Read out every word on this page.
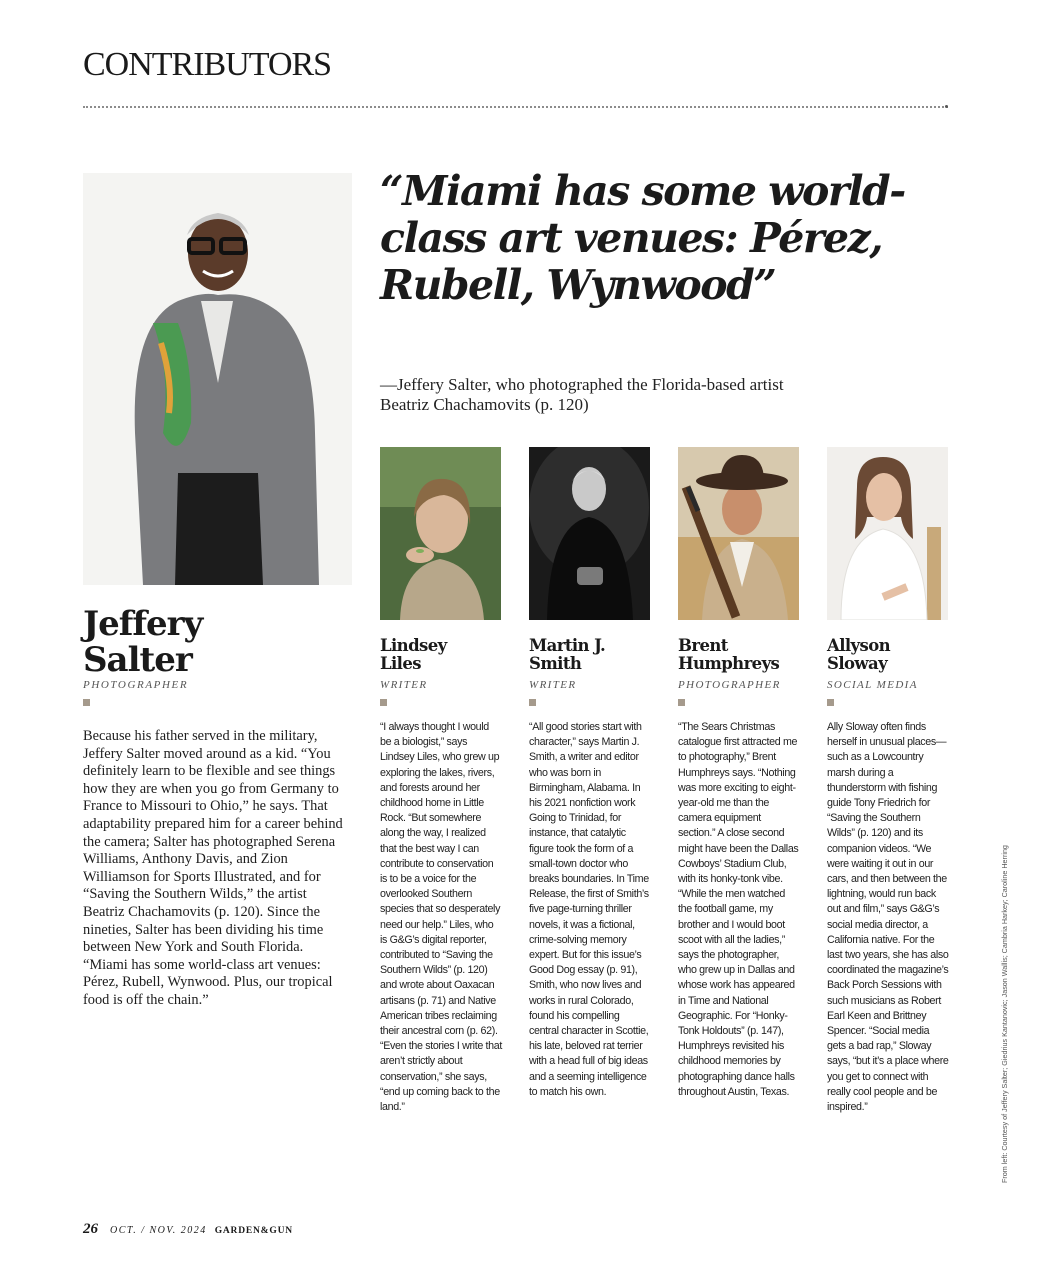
CONTRIBUTORS

“Miami has some world-class art venues: Pérez, Rubell, Wynwood”

—Jeffery Salter, who photographed the Florida-based artist Beatriz Chachamovits (p. 120)

Jeffery
Salter
PHOTOGRAPHER

Because his father served in the military, Jeffery Salter moved around as a kid. “You definitely learn to be flexible and see things how they are when you go from Germany to France to Missouri to Ohio,” he says. That adaptability prepared him for a career behind the camera; Salter has photographed Serena Williams, Anthony Davis, and Zion Williamson for Sports Illustrated, and for “Saving the Southern Wilds,” the artist Beatriz Chachamovits (p. 120). Since the nineties, Salter has been dividing his time between New York and South Florida. “Miami has some world-class art venues: Pérez, Rubell, Wynwood. Plus, our tropical food is off the chain.”

Lindsey
Liles
WRITER

“I always thought I would be a biologist,” says Lindsey Liles, who grew up exploring the lakes, rivers, and forests around her childhood home in Little Rock. “But somewhere along the way, I realized that the best way I can contribute to conservation is to be a voice for the overlooked Southern species that so desperately need our help.” Liles, who is G&G’s digital reporter, contributed to “Saving the Southern Wilds” (p. 120) and wrote about Oaxacan artisans (p. 71) and Native American tribes reclaiming their ancestral corn (p. 62). “Even the stories I write that aren’t strictly about conservation,” she says, “end up coming back to the land.”

Martin J.
Smith
WRITER

“All good stories start with character,” says Martin J. Smith, a writer and editor who was born in Birmingham, Alabama. In his 2021 nonfiction work Going to Trinidad, for instance, that catalytic figure took the form of a small-town doctor who breaks boundaries. In Time Release, the first of Smith’s five page-turning thriller novels, it was a fictional, crime-solving memory expert. But for this issue’s Good Dog essay (p. 91), Smith, who now lives and works in rural Colorado, found his compelling central character in Scottie, his late, beloved rat terrier with a head full of big ideas and a seeming intelligence to match his own.

Brent
Humphreys
PHOTOGRAPHER

“The Sears Christmas catalogue first attracted me to photography,” Brent Humphreys says. “Nothing was more exciting to eight-year-old me than the camera equipment section.” A close second might have been the Dallas Cowboys’ Stadium Club, with its honky-tonk vibe. “While the men watched the football game, my brother and I would boot scoot with all the ladies,” says the photographer, who grew up in Dallas and whose work has appeared in Time and National Geographic. For “Honky-Tonk Holdouts” (p. 147), Humphreys revisited his childhood memories by photographing dance halls throughout Austin, Texas.

Allyson
Sloway
SOCIAL MEDIA

Ally Sloway often finds herself in unusual places—such as a Lowcountry marsh during a thunderstorm with fishing guide Tony Friedrich for “Saving the Southern Wilds” (p. 120) and its companion videos. “We were waiting it out in our cars, and then between the lightning, would run back out and film,” says G&G’s social media director, a California native. For the last two years, she has also coordinated the magazine’s Back Porch Sessions with such musicians as Robert Earl Keen and Brittney Spencer. “Social media gets a bad rap,” Sloway says, “but it’s a place where you get to connect with really cool people and be inspired.”	From left: Courtesy of Jeffery Salter; Giedrius Kantanovic; Jason Wallis; Cambria Harkey; Caroline Herring
26 OCT. / NOV. 2024 GARDEN&GUN
